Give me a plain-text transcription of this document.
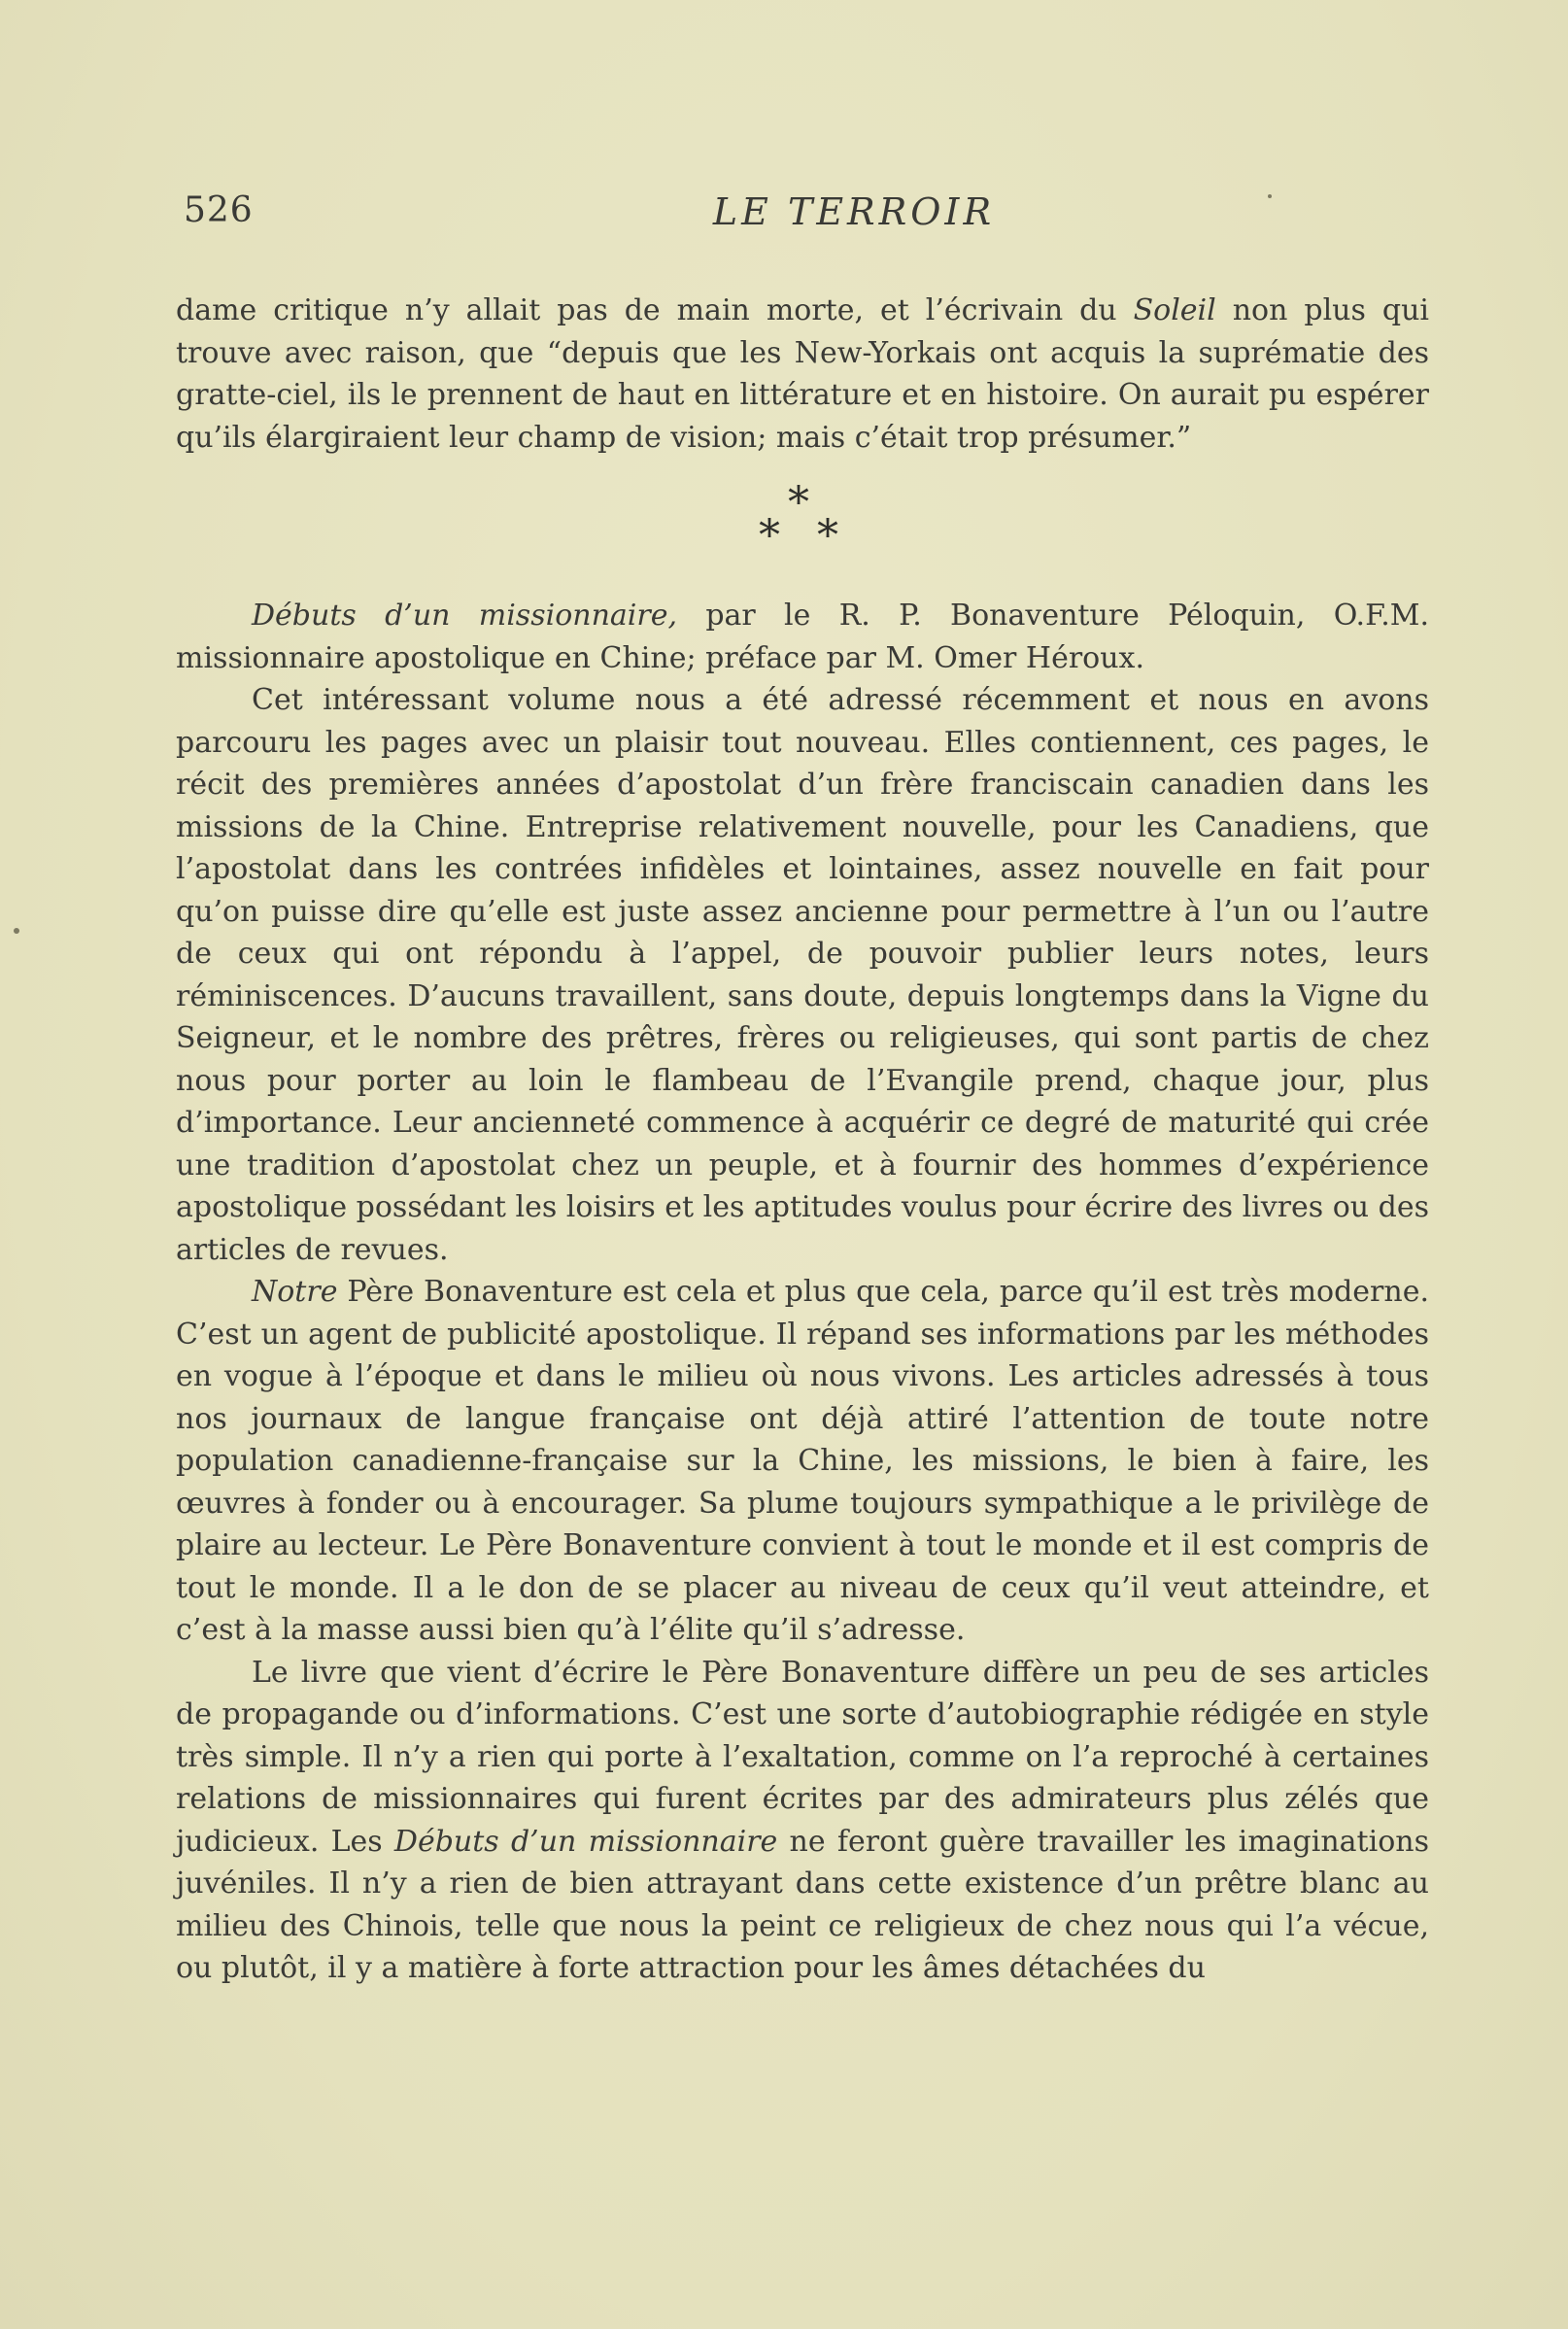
526	LE TERROIR

dame critique n’y allait pas de main morte, et l’écrivain du Soleil non plus qui trouve avec raison, que “depuis que les New-Yorkais ont acquis la suprématie des gratte-ciel, ils le prennent de haut en littérature et en histoire. On aurait pu espérer qu’ils élargiraient leur champ de vision; mais c’était trop présumer.”

*
* *

Débuts d’un missionnaire, par le R. P. Bonaventure Péloquin, O.F.M. missionnaire apostolique en Chine; préface par M. Omer Héroux.

Cet intéressant volume nous a été adressé récemment et nous en avons parcouru les pages avec un plaisir tout nouveau. Elles contiennent, ces pages, le récit des premières années d’apostolat d’un frère franciscain canadien dans les missions de la Chine. Entreprise relativement nouvelle, pour les Canadiens, que l’apostolat dans les contrées infidèles et lointaines, assez nouvelle en fait pour qu’on puisse dire qu’elle est juste assez ancienne pour permettre à l’un ou l’autre de ceux qui ont répondu à l’appel, de pouvoir publier leurs notes, leurs réminiscences. D’aucuns travaillent, sans doute, depuis longtemps dans la Vigne du Seigneur, et le nombre des prêtres, frères ou religieuses, qui sont partis de chez nous pour porter au loin le flambeau de l’Evangile prend, chaque jour, plus d’importance. Leur ancienneté commence à acquérir ce degré de maturité qui crée une tradition d’apostolat chez un peuple, et à fournir des hommes d’expérience apostolique possédant les loisirs et les aptitudes voulus pour écrire des livres ou des articles de revues.

Notre Père Bonaventure est cela et plus que cela, parce qu’il est très moderne. C’est un agent de publicité apostolique. Il répand ses informations par les méthodes en vogue à l’époque et dans le milieu où nous vivons. Les articles adressés à tous nos journaux de langue française ont déjà attiré l’attention de toute notre population canadienne-française sur la Chine, les missions, le bien à faire, les œuvres à fonder ou à encourager. Sa plume toujours sympathique a le privilège de plaire au lecteur. Le Père Bonaventure convient à tout le monde et il est compris de tout le monde. Il a le don de se placer au niveau de ceux qu’il veut atteindre, et c’est à la masse aussi bien qu’à l’élite qu’il s’adresse.

Le livre que vient d’écrire le Père Bonaventure diffère un peu de ses articles de propagande ou d’informations. C’est une sorte d’autobiographie rédigée en style très simple. Il n’y a rien qui porte à l’exaltation, comme on l’a reproché à certaines relations de missionnaires qui furent écrites par des admirateurs plus zélés que judicieux. Les Débuts d’un missionnaire ne feront guère travailler les imaginations juvéniles. Il n’y a rien de bien attrayant dans cette existence d’un prêtre blanc au milieu des Chinois, telle que nous la peint ce religieux de chez nous qui l’a vécue, ou plutôt, il y a matière à forte attraction pour les âmes détachées du
